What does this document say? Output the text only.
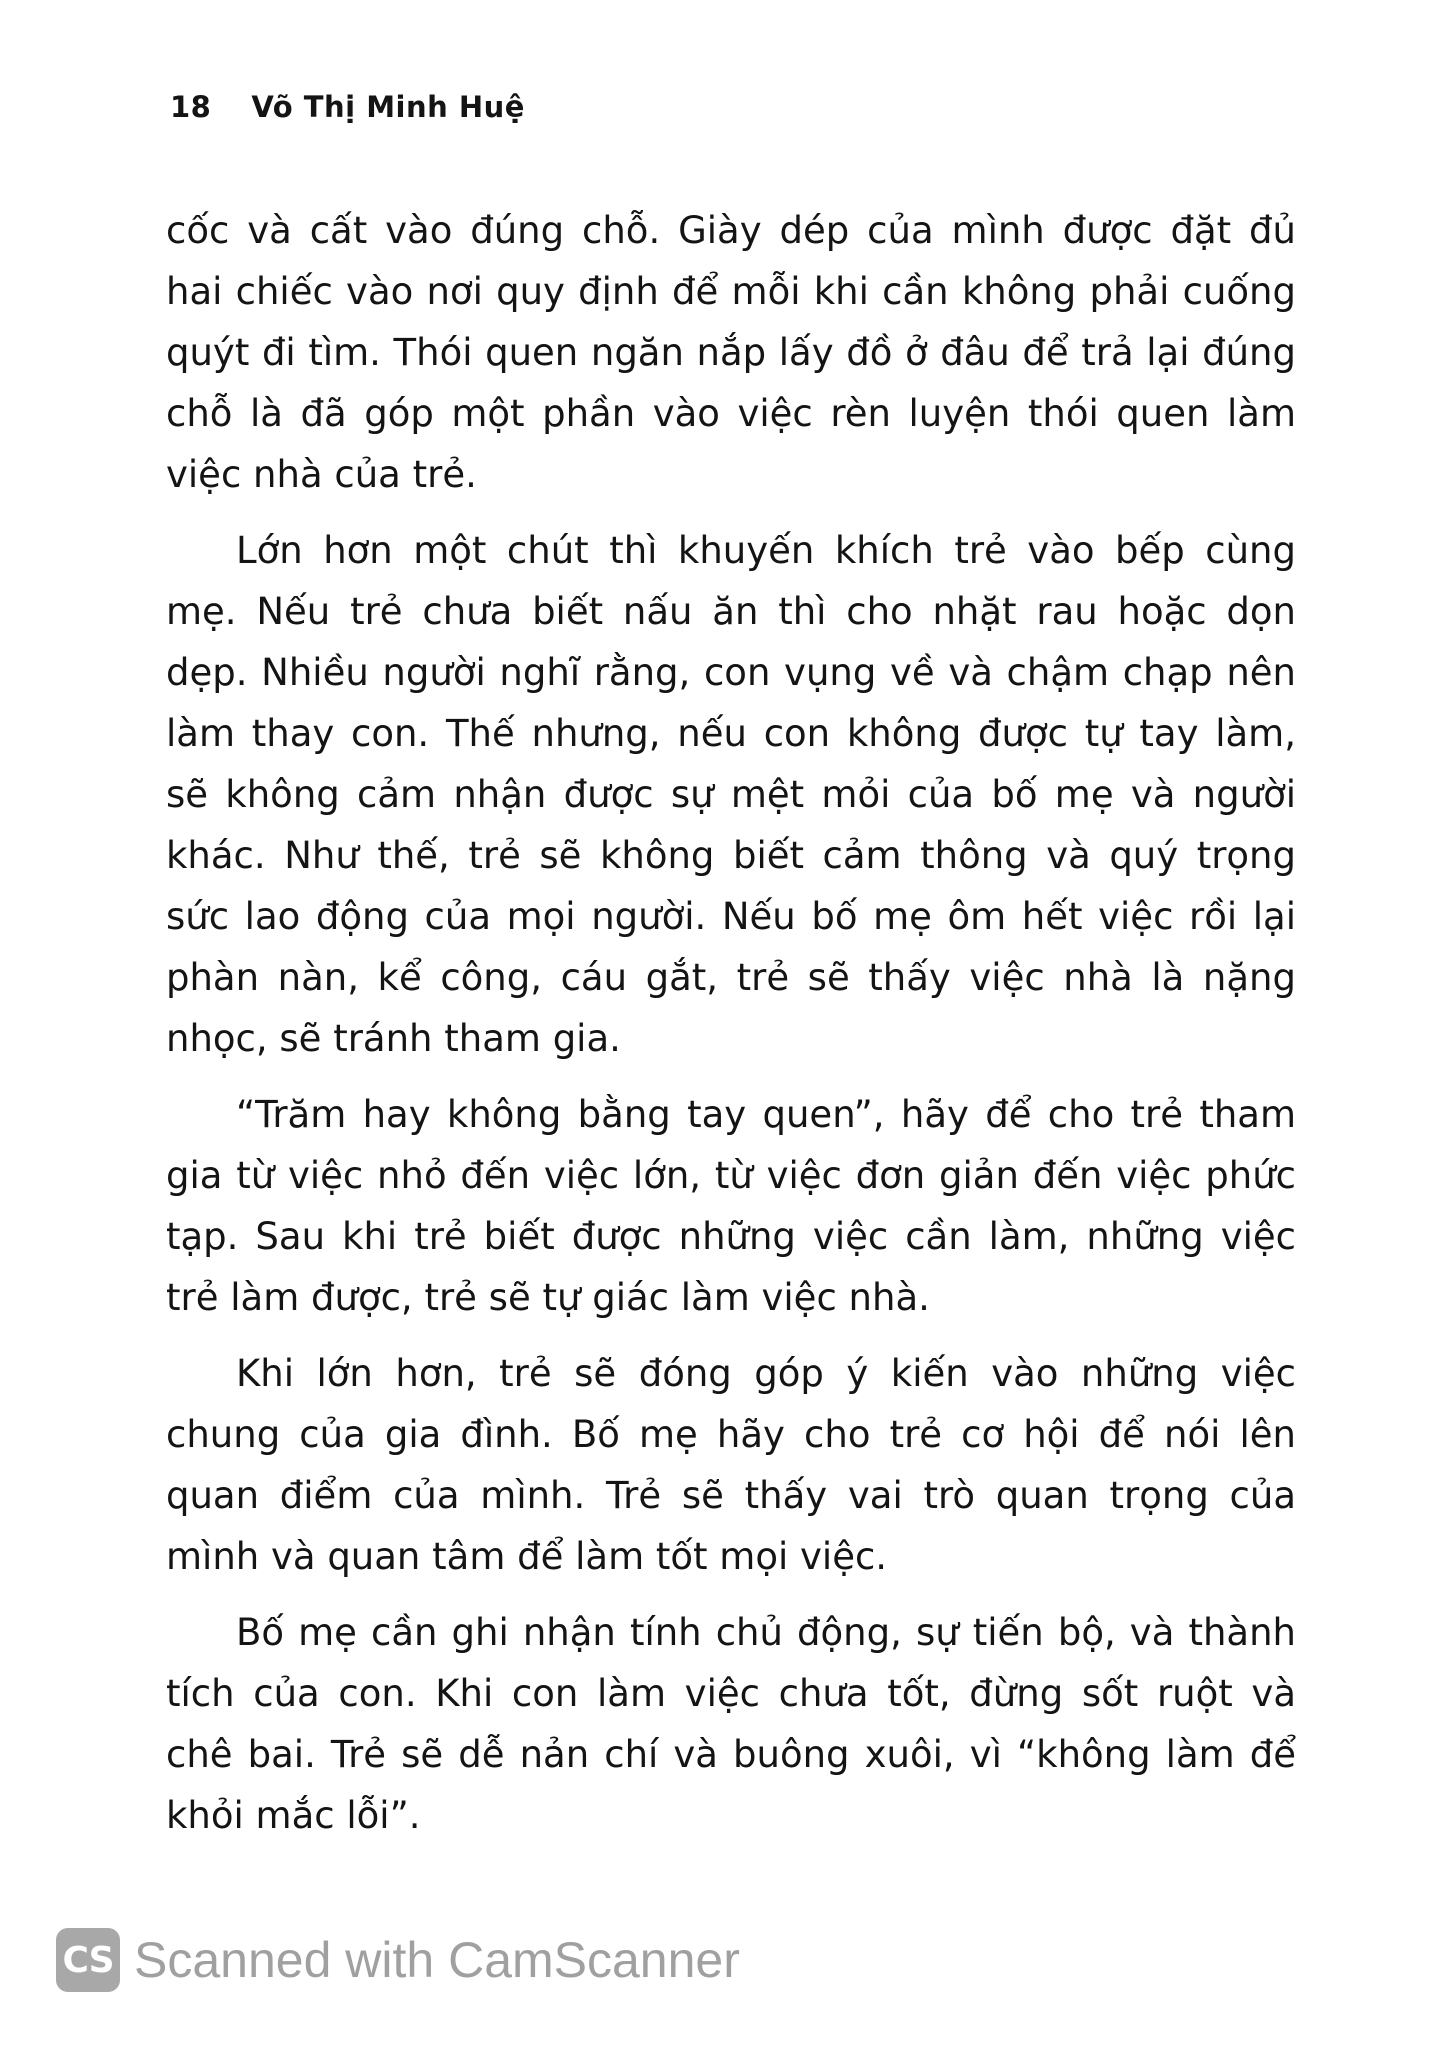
18 Võ Thị Minh Huệ
cốc và cất vào đúng chỗ. Giày dép của mình được đặt đủ
hai chiếc vào nơi quy định để mỗi khi cần không phải cuống
quýt đi tìm. Thói quen ngăn nắp lấy đồ ở đâu để trả lại đúng
chỗ là đã góp một phần vào việc rèn luyện thói quen làm
việc nhà của trẻ.
Lớn hơn một chút thì khuyến khích trẻ vào bếp cùng
mẹ. Nếu trẻ chưa biết nấu ăn thì cho nhặt rau hoặc dọn
dẹp. Nhiều người nghĩ rằng, con vụng về và chậm chạp nên
làm thay con. Thế nhưng, nếu con không được tự tay làm,
sẽ không cảm nhận được sự mệt mỏi của bố mẹ và người
khác. Như thế, trẻ sẽ không biết cảm thông và quý trọng
sức lao động của mọi người. Nếu bố mẹ ôm hết việc rồi lại
phàn nàn, kể công, cáu gắt, trẻ sẽ thấy việc nhà là nặng
nhọc, sẽ tránh tham gia.
“Trăm hay không bằng tay quen”, hãy để cho trẻ tham
gia từ việc nhỏ đến việc lớn, từ việc đơn giản đến việc phức
tạp. Sau khi trẻ biết được những việc cần làm, những việc
trẻ làm được, trẻ sẽ tự giác làm việc nhà.
Khi lớn hơn, trẻ sẽ đóng góp ý kiến vào những việc
chung của gia đình. Bố mẹ hãy cho trẻ cơ hội để nói lên
quan điểm của mình. Trẻ sẽ thấy vai trò quan trọng của
mình và quan tâm để làm tốt mọi việc.
Bố mẹ cần ghi nhận tính chủ động, sự tiến bộ, và thành
tích của con. Khi con làm việc chưa tốt, đừng sốt ruột và
chê bai. Trẻ sẽ dễ nản chí và buông xuôi, vì “không làm để
khỏi mắc lỗi”.
CS Scanned with CamScanner
